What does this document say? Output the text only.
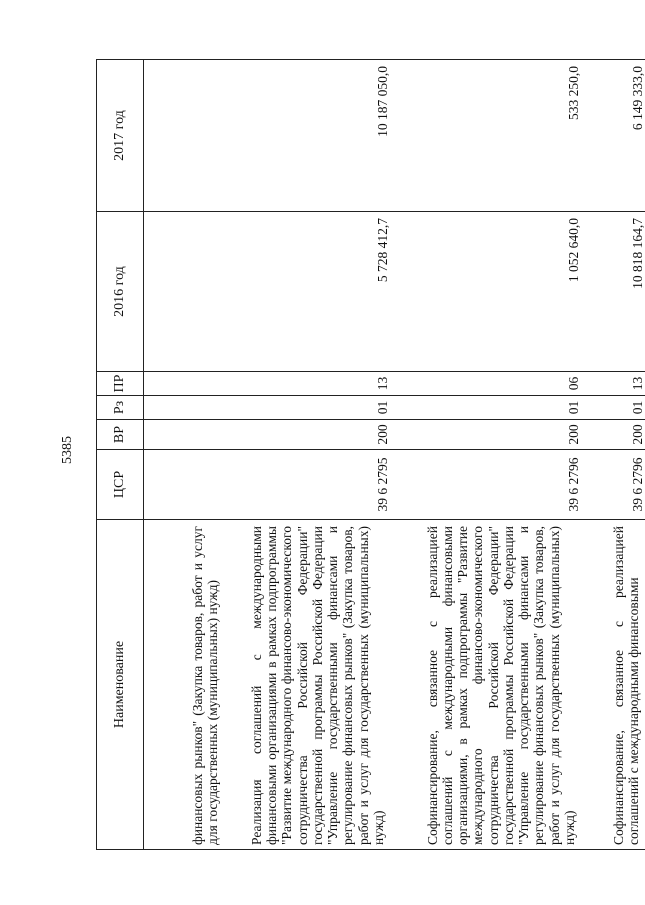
5385
Наименование	ЦСР	ВР	Рз	ПР	2016 год	2017 год
финансовых рынков" (Закупка товаров, работ и услуг для государственных (муниципальных) нужд)						
Реализация соглашений с международными финансовыми организациями в рамках подпрограммы "Развитие международного финансово-экономического сотрудничества Российской Федерации" государственной программы Российской Федерации "Управление государственными финансами и регулирование финансовых рынков" (Закупка товаров, работ и услуг для государственных (муниципальных) нужд)	39 6 2795	200	01	13	5 728 412,7	10 187 050,0
Софинансирование, связанное с реализацией соглашений с международными финансовыми организациями, в рамках подпрограммы "Развитие международного финансово-экономического сотрудничества Российской Федерации" государственной программы Российской Федерации "Управление государственными финансами и регулирование финансовых рынков" (Закупка товаров, работ и услуг для государственных (муниципальных) нужд)	39 6 2796	200	01	06	1 052 640,0	533 250,0
Софинансирование, связанное с реализацией соглашений с международными финансовыми	39 6 2796	200	01	13	10 818 164,7	6 149 333,0
